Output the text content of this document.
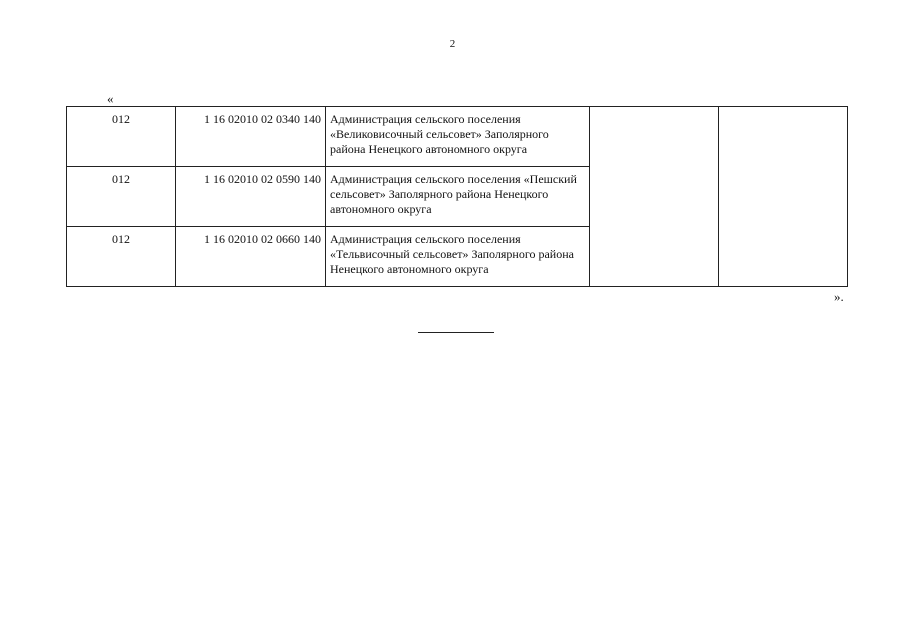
2
«
012	1 16 02010 02 0340 140	Администрация сельского поселения «Великовисочный сельсовет» Заполярного района Ненецкого автономного округа		
012	1 16 02010 02 0590 140	Администрация сельского поселения «Пешский сельсовет» Заполярного района Ненецкого автономного округа		
012	1 16 02010 02 0660 140	Администрация сельского поселения «Тельвисочный сельсовет» Заполярного района Ненецкого автономного округа		
».
